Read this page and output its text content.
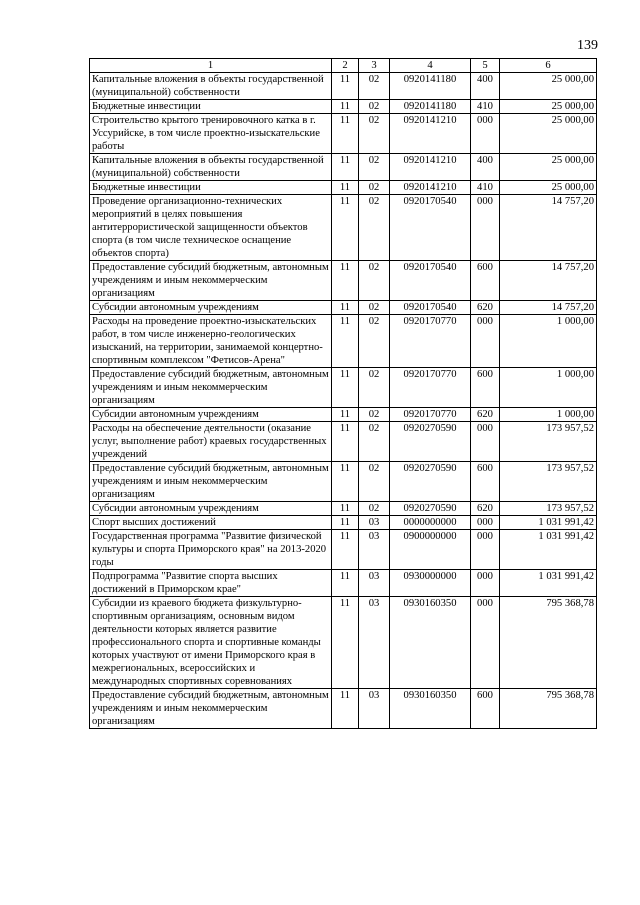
139
1	2	3	4	5	6
Капитальные вложения в объекты государственной (муниципальной) собственности	11	02	0920141180	400	25 000,00
Бюджетные инвестиции	11	02	0920141180	410	25 000,00
Строительство крытого тренировочного катка в г. Уссурийске, в том числе проектно-изыскательские работы	11	02	0920141210	000	25 000,00
Капитальные вложения в объекты государственной (муниципальной) собственности	11	02	0920141210	400	25 000,00
Бюджетные инвестиции	11	02	0920141210	410	25 000,00
Проведение организационно-технических мероприятий в целях повышения антитеррористической защищенности объектов спорта (в том числе техническое оснащение объектов спорта)	11	02	0920170540	000	14 757,20
Предоставление субсидий бюджетным, автономным учреждениям и иным некоммерческим организациям	11	02	0920170540	600	14 757,20
Субсидии автономным учреждениям	11	02	0920170540	620	14 757,20
Расходы на проведение проектно-изыскательских работ, в том числе инженерно-геологических изысканий, на территории, занимаемой концертно-спортивным комплексом "Фетисов-Арена"	11	02	0920170770	000	1 000,00
Предоставление субсидий бюджетным, автономным учреждениям и иным некоммерческим организациям	11	02	0920170770	600	1 000,00
Субсидии автономным учреждениям	11	02	0920170770	620	1 000,00
Расходы на обеспечение деятельности (оказание услуг, выполнение работ) краевых государственных учреждений	11	02	0920270590	000	173 957,52
Предоставление субсидий бюджетным, автономным учреждениям и иным некоммерческим организациям	11	02	0920270590	600	173 957,52
Субсидии автономным учреждениям	11	02	0920270590	620	173 957,52
Спорт высших достижений	11	03	0000000000	000	1 031 991,42
Государственная программа "Развитие физической культуры и спорта Приморского края" на 2013-2020 годы	11	03	0900000000	000	1 031 991,42
Подпрограмма "Развитие спорта высших достижений в Приморском крае"	11	03	0930000000	000	1 031 991,42
Субсидии из краевого бюджета физкультурно-спортивным организациям, основным видом деятельности которых является развитие профессионального спорта и спортивные команды которых участвуют от имени Приморского края в межрегиональных, всероссийских и международных спортивных соревнованиях	11	03	0930160350	000	795 368,78
Предоставление субсидий бюджетным, автономным учреждениям и иным некоммерческим организациям	11	03	0930160350	600	795 368,78
